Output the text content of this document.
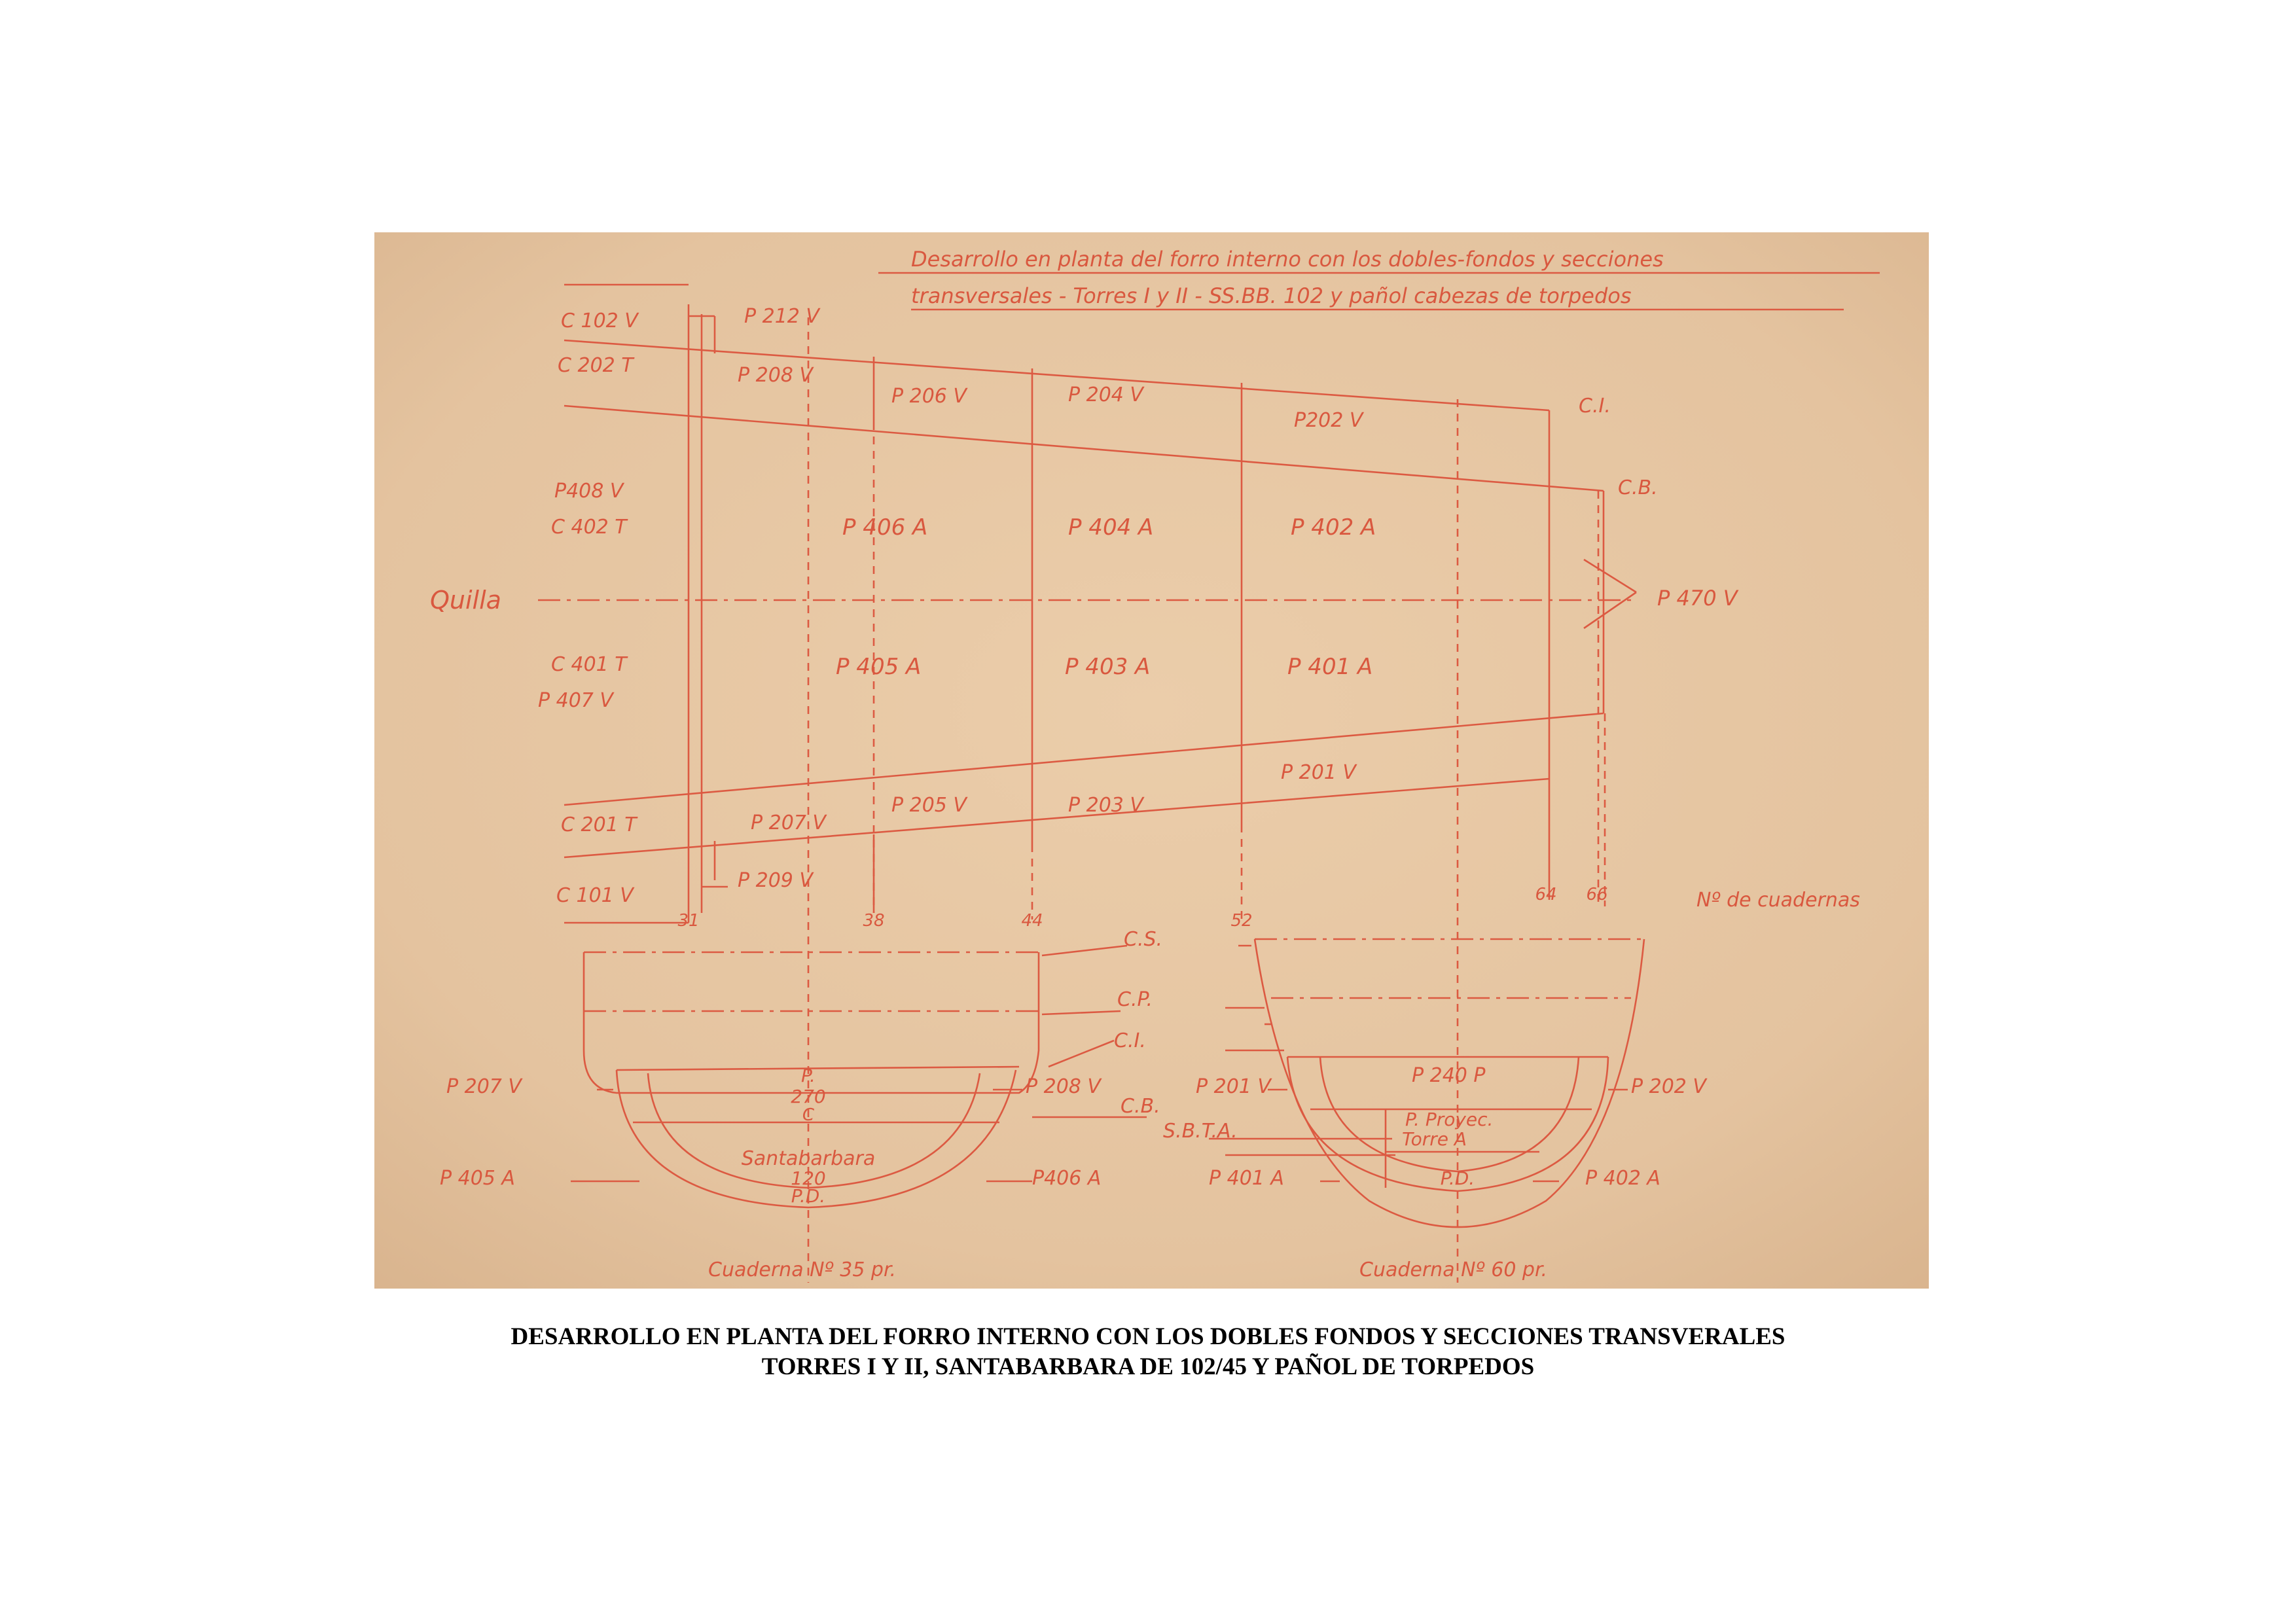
Desarrollo en planta del forro interno con los dobles-fondos y secciones
transversales - Torres I y II - SS.BB. 102 y pañol cabezas de torpedos
C 102 V
C 202 T
P408 V
C 402 T
Quilla
C 401 T
P 407 V
C 201 T
C 101 V
P 212 V
P 208 V
P 206 V	P 204 V
P202 V
P 406 A	P 404 A	P 402 A
P 405 A	P 403 A	P 401 A
P 201 V
P 207 V
P 205 V	P 203 V
P 209 V
P 470 V
C.I.
C.B.
31	38	44	52
64 66	Nº de cuadernas
C.S.
C.P.
C.I.
C.B.
S.B.T.A.
P 207 V	P 208 V
P 405 A	P406 A
P.
270
C
Santabarbara
120
P.D.
P 201 V	P 202 V
P 401 A	P 402 A
P 240 P
P. Proyec.
Torre A
P.D.
Cuaderna Nº 35 pr.	Cuaderna Nº 60 pr.
DESARROLLO EN PLANTA DEL FORRO INTERNO CON LOS DOBLES FONDOS Y SECCIONES TRANSVERALES
TORRES I Y II, SANTABARBARA DE 102/45 Y PAÑOL DE TORPEDOS
